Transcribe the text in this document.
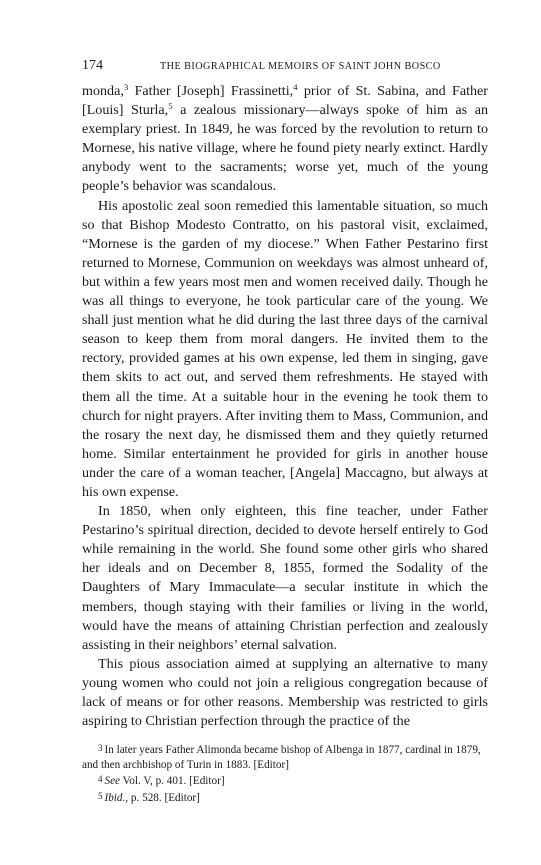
174	THE BIOGRAPHICAL MEMOIRS OF SAINT JOHN BOSCO

monda,$^3$ Father [Joseph] Frassinetti,$^4$ prior of St. Sabina, and Father [Louis] Sturla,$^5$ a zealous missionary—always spoke of him as an exemplary priest. In 1849, he was forced by the revolution to return to Mornese, his native village, where he found piety nearly extinct. Hardly anybody went to the sacraments; worse yet, much of the young people’s behavior was scandalous.

His apostolic zeal soon remedied this lamentable situation, so much so that Bishop Modesto Contratto, on his pastoral visit, exclaimed, “Mornese is the garden of my diocese.” When Father Pestarino first returned to Mornese, Communion on weekdays was almost unheard of, but within a few years most men and women received daily. Though he was all things to everyone, he took particular care of the young. We shall just mention what he did during the last three days of the carnival season to keep them from moral dangers. He invited them to the rectory, provided games at his own expense, led them in singing, gave them skits to act out, and served them refreshments. He stayed with them all the time. At a suitable hour in the evening he took them to church for night prayers. After inviting them to Mass, Communion, and the rosary the next day, he dismissed them and they quietly returned home. Similar entertainment he provided for girls in another house under the care of a woman teacher, [Angela] Maccagno, but always at his own expense.

In 1850, when only eighteen, this fine teacher, under Father Pestarino’s spiritual direction, decided to devote herself entirely to God while remaining in the world. She found some other girls who shared her ideals and on December 8, 1855, formed the Sodality of the Daughters of Mary Immaculate—a secular institute in which the members, though staying with their families or living in the world, would have the means of attaining Christian perfection and zealously assisting in their neighbors’ eternal salvation.

This pious association aimed at supplying an alternative to many young women who could not join a religious congregation because of lack of means or for other reasons. Membership was restricted to girls aspiring to Christian perfection through the practice of the

$^3$ In later years Father Alimonda became bishop of Albenga in 1877, cardinal in 1879, and then archbishop of Turin in 1883. [Editor]

$^4$ See Vol. V, p. 401. [Editor]

$^5$ Ibid., p. 528. [Editor]
